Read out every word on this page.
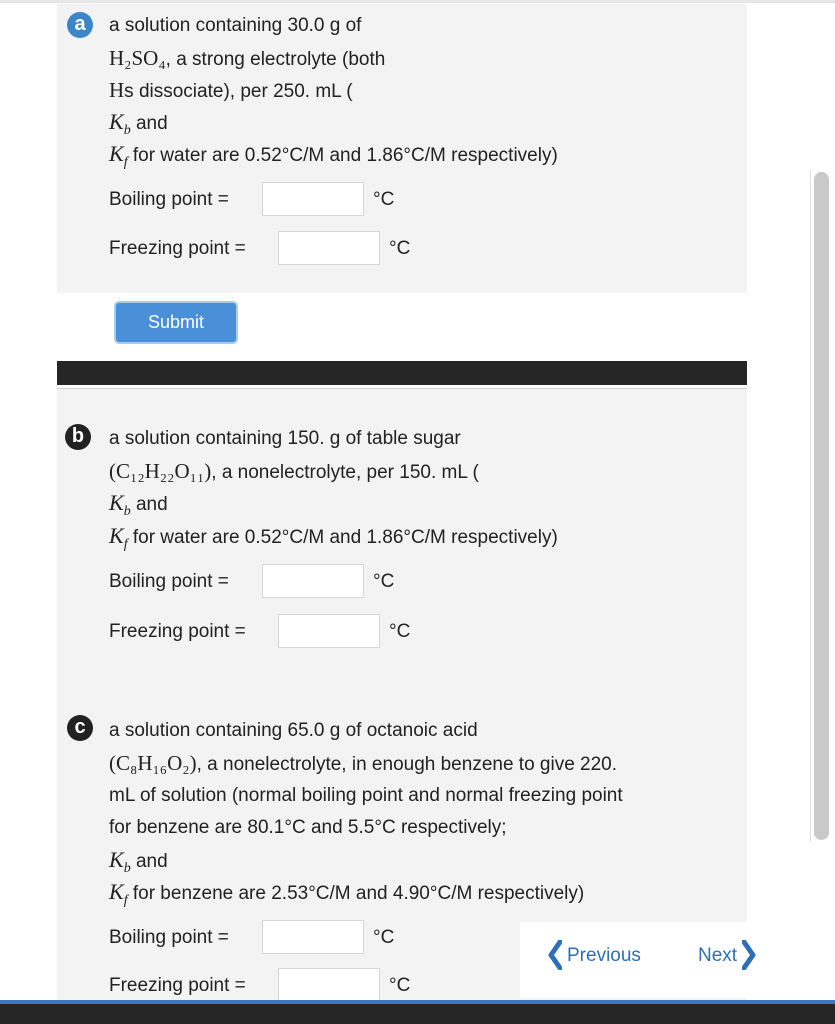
a	a solution containing 30.0 g of
H₂SO₄, a strong electrolyte (both
Hs dissociate), per 250. mL (
$K_b$ and
$K_f$ for water are 0.52°C/M and 1.86°C/M respectively)
Boiling point =	°C
Freezing point =	°C
Submit
b	a solution containing 150. g of table sugar
(C₁₂H₂₂O₁₁), a nonelectrolyte, per 150. mL (
$K_b$ and
$K_f$ for water are 0.52°C/M and 1.86°C/M respectively)
Boiling point =	°C
Freezing point =	°C
c	a solution containing 65.0 g of octanoic acid
(C₈H₁₆O₂), a nonelectrolyte, in enough benzene to give 220.
mL of solution (normal boiling point and normal freezing point
for benzene are 80.1°C and 5.5°C respectively;
$K_b$ and
$K_f$ for benzene are 2.53°C/M and 4.90°C/M respectively)
Boiling point =	°C
Freezing point =	°C
Previous	Next
